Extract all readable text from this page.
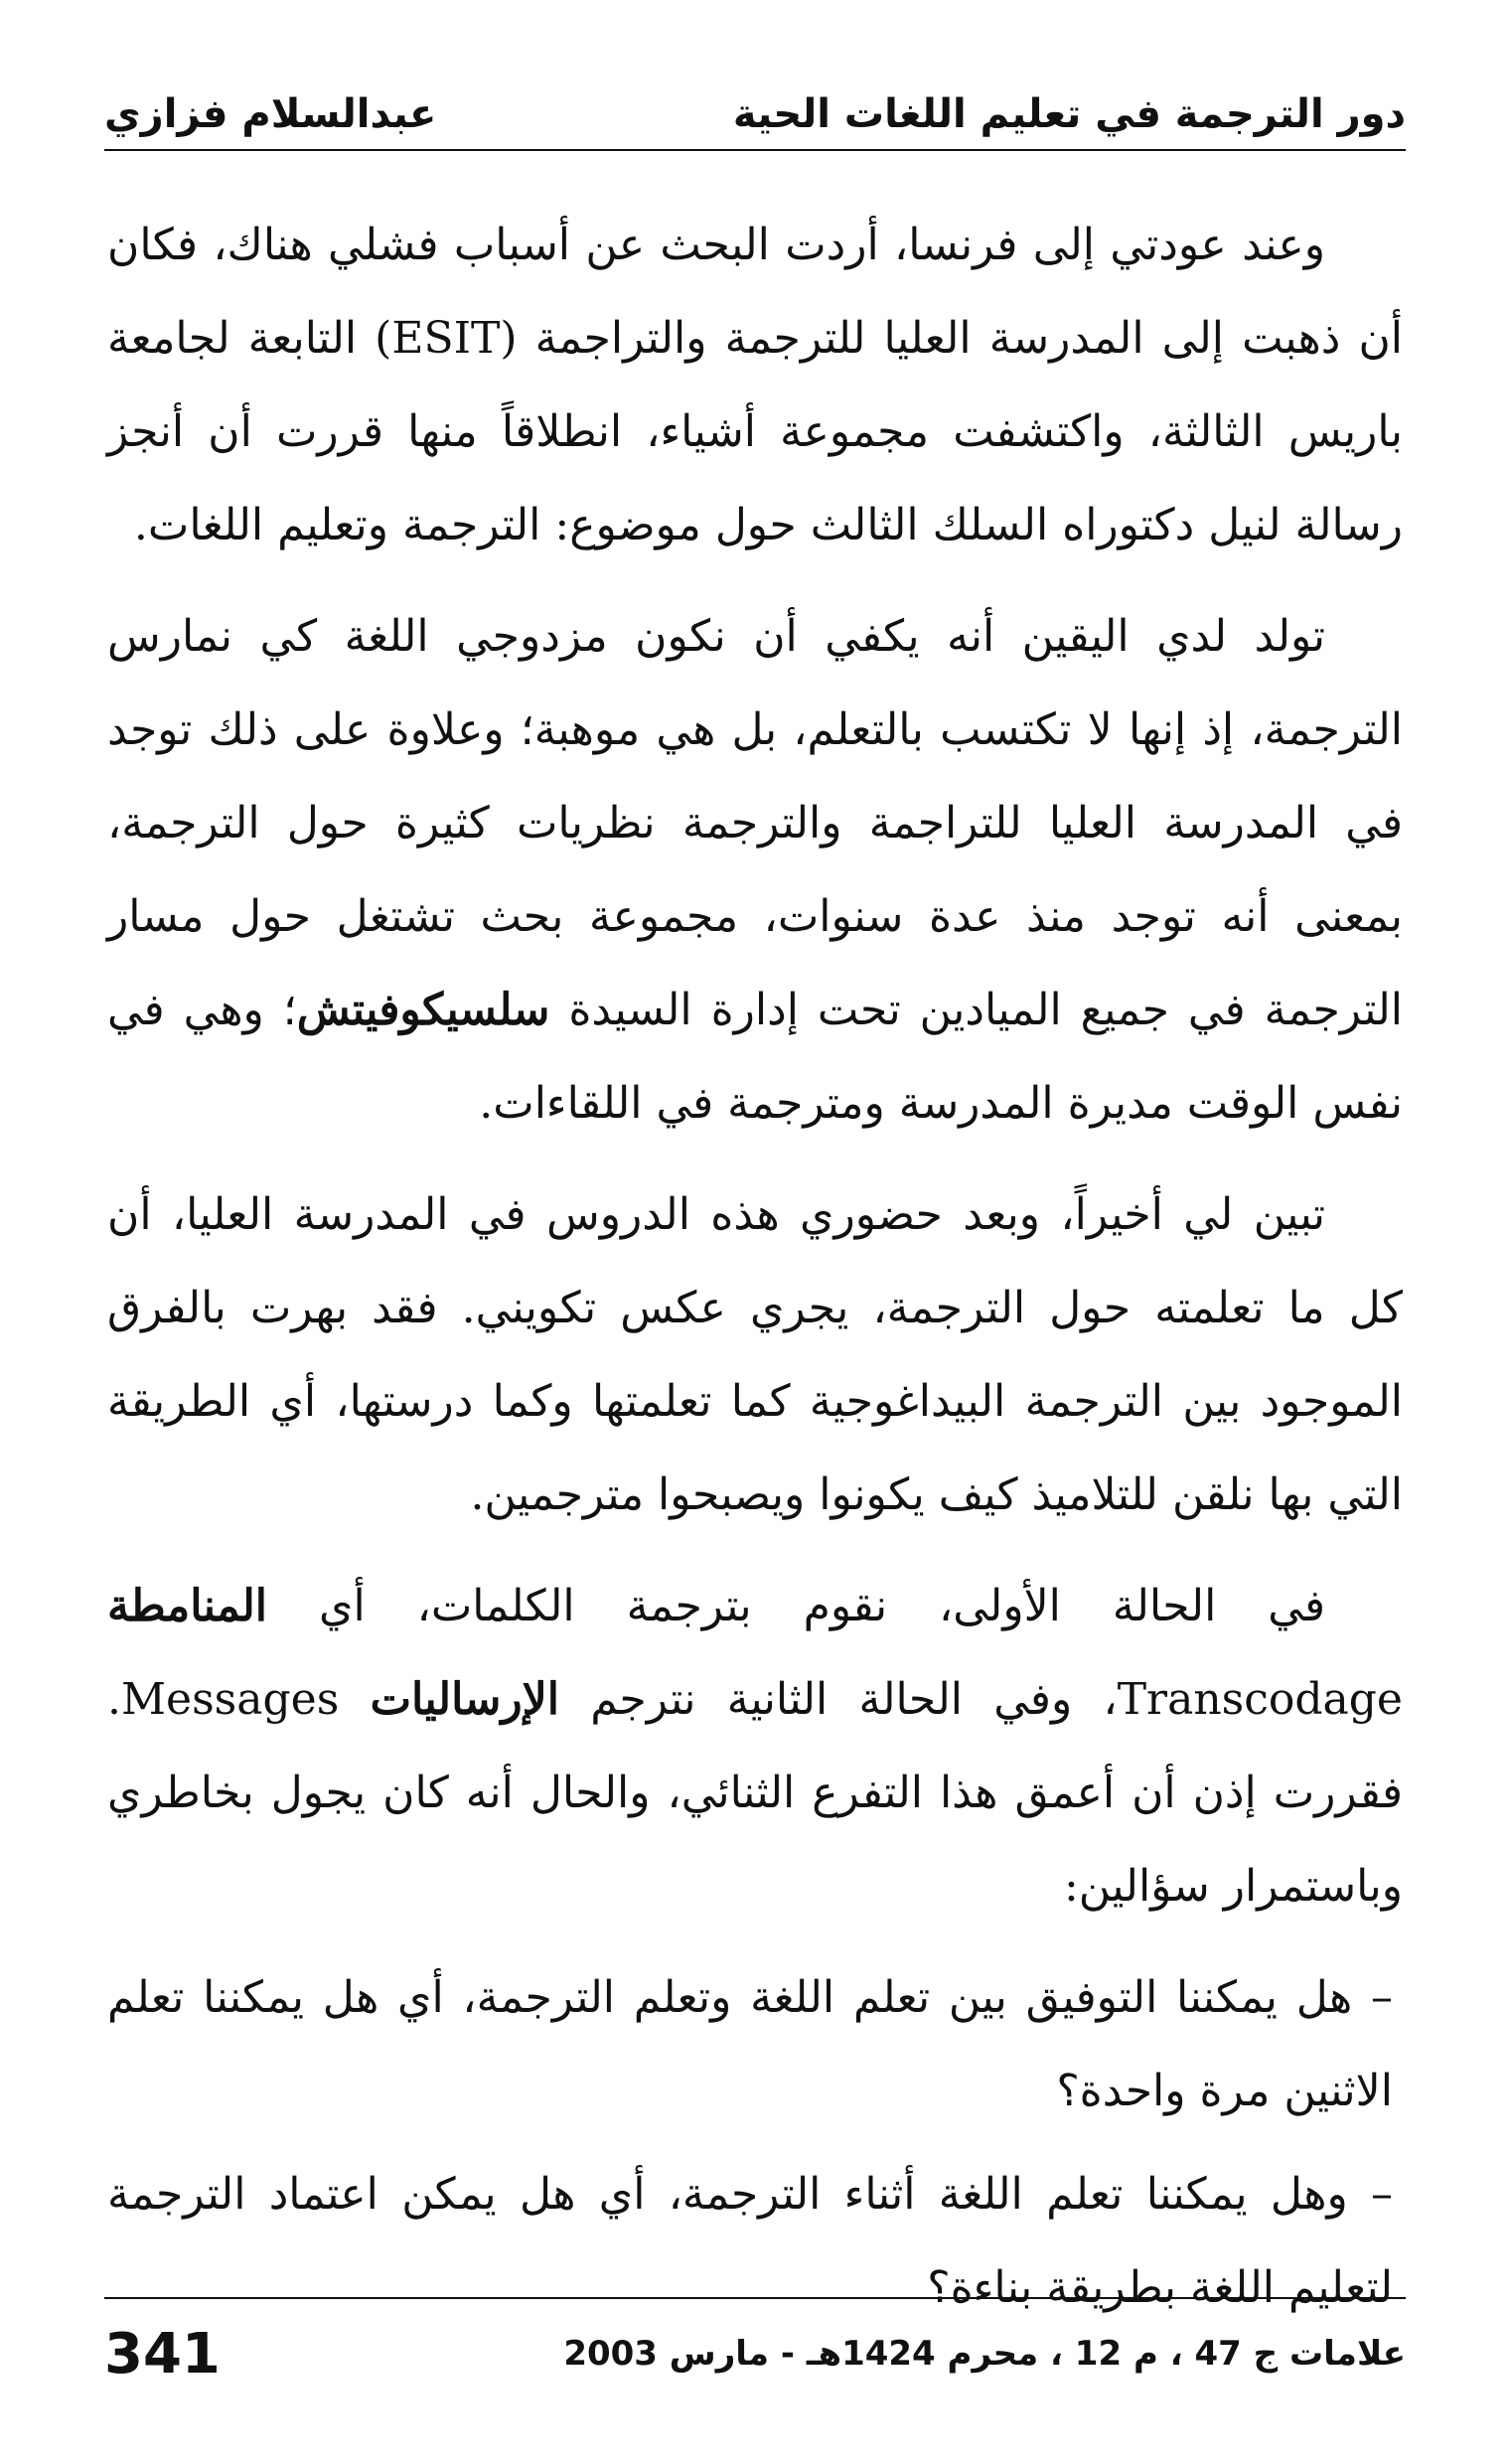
عبدالسلام فزازي	دور الترجمة في تعليم اللغات الحية

وعند عودتي إلى فرنسا، أردت البحث عن أسباب فشلي هناك، فكان أن ذهبت إلى المدرسة العليا للترجمة والتراجمة (ESIT) التابعة لجامعة باريس الثالثة، واكتشفت مجموعة أشياء، انطلاقاً منها قررت أن أنجز رسالة لنيل دكتوراه السلك الثالث حول موضوع: الترجمة وتعليم اللغات.

تولد لدي اليقين أنه يكفي أن نكون مزدوجي اللغة كي نمارس الترجمة، إذ إنها لا تكتسب بالتعلم، بل هي موهبة؛ وعلاوة على ذلك توجد في المدرسة العليا للتراجمة والترجمة نظريات كثيرة حول الترجمة، بمعنى أنه توجد منذ عدة سنوات، مجموعة بحث تشتغل حول مسار الترجمة في جميع الميادين تحت إدارة السيدة سلسيكوفيتش؛ وهي في نفس الوقت مديرة المدرسة ومترجمة في اللقاءات.

تبين لي أخيراً، وبعد حضوري هذه الدروس في المدرسة العليا، أن كل ما تعلمته حول الترجمة، يجري عكس تكويني. فقد بهرت بالفرق الموجود بين الترجمة البيداغوجية كما تعلمتها وكما درستها، أي الطريقة التي بها نلقن للتلاميذ كيف يكونوا ويصبحوا مترجمين.

في الحالة الأولى، نقوم بترجمة الكلمات، أي المنامطة Transcodage، وفي الحالة الثانية نترجم الإرساليات Messages. فقررت إذن أن أعمق هذا التفرع الثنائي، والحال أنه كان يجول بخاطري وباستمرار سؤالين:

– هل يمكننا التوفيق بين تعلم اللغة وتعلم الترجمة، أي هل يمكننا تعلم الاثنين مرة واحدة؟

– وهل يمكننا تعلم اللغة أثناء الترجمة، أي هل يمكن اعتماد الترجمة لتعليم اللغة بطريقة بناءة؟

341	علامات ج 47 ، م 12 ، محرم 1424هـ - مارس 2003
